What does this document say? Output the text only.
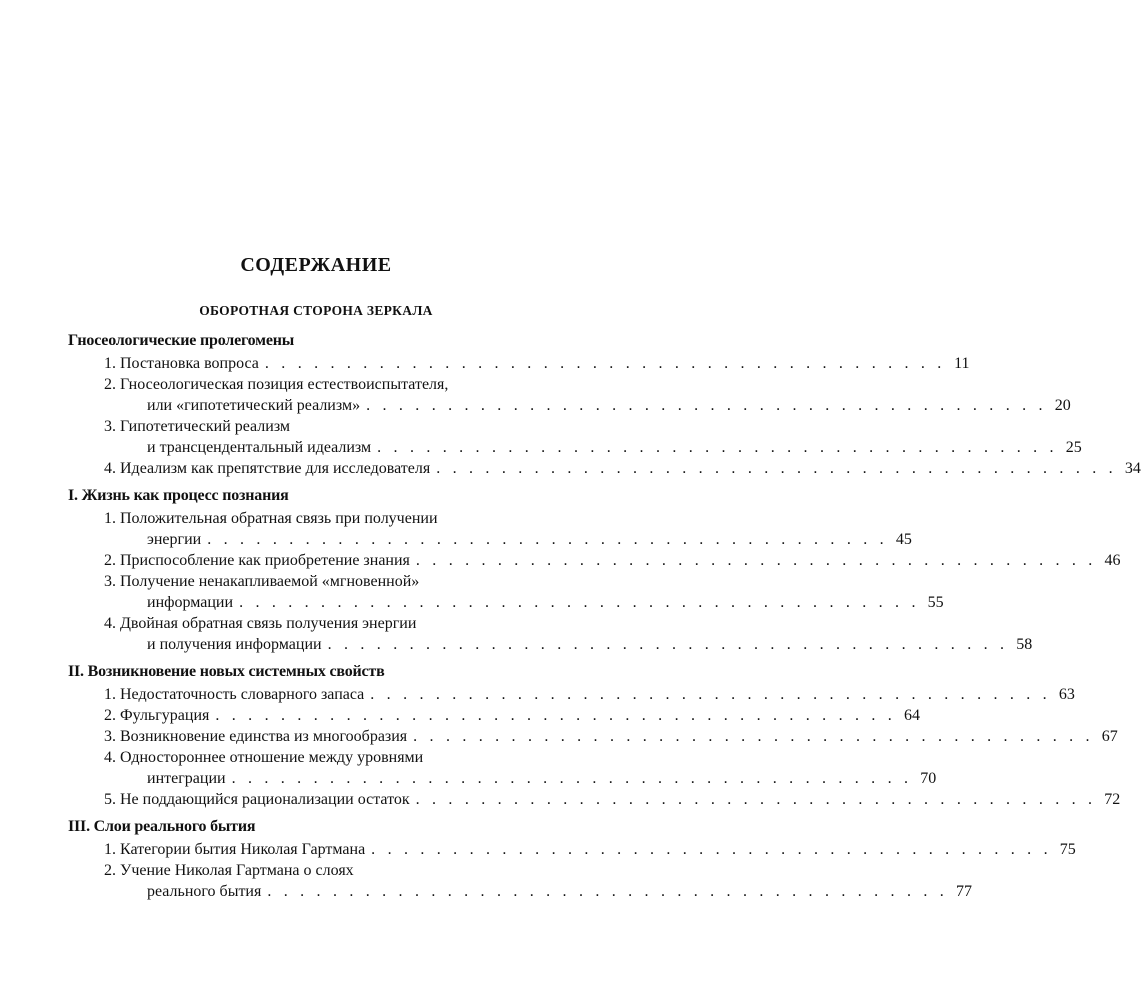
СОДЕРЖАНИЕ
ОБОРОТНАЯ СТОРОНА ЗЕРКАЛА
Гносеологические пролегомены
1. Постановка вопроса . . . . . . . . . . . . . . . . . . . . . . . . . . . . . . . . . . . . . . . . . . 11
2. Гносеологическая позиция естествоиспытателя,
или «гипотетический реализм» . . . . . . . . . . . . . . . . . . . . . . . . . . . . . . . . . . . . . . . . . . 20
3. Гипотетический реализм
и трансцендентальный идеализм . . . . . . . . . . . . . . . . . . . . . . . . . . . . . . . . . . . . . . . . . . 25
4. Идеализм как препятствие для исследователя . . . . . . . . . . . . . . . . . . . . . . . . . . . . . . . . . . . . . . . . . . 34
I. Жизнь как процесс познания
1. Положительная обратная связь при получении
энергии . . . . . . . . . . . . . . . . . . . . . . . . . . . . . . . . . . . . . . . . . . 45
2. Приспособление как приобретение знания . . . . . . . . . . . . . . . . . . . . . . . . . . . . . . . . . . . . . . . . . . 46
3. Получение ненакапливаемой «мгновенной»
информации . . . . . . . . . . . . . . . . . . . . . . . . . . . . . . . . . . . . . . . . . . 55
4. Двойная обратная связь получения энергии
и получения информации . . . . . . . . . . . . . . . . . . . . . . . . . . . . . . . . . . . . . . . . . . 58
II. Возникновение новых системных свойств
1. Недостаточность словарного запаса . . . . . . . . . . . . . . . . . . . . . . . . . . . . . . . . . . . . . . . . . . 63
2. Фульгурация . . . . . . . . . . . . . . . . . . . . . . . . . . . . . . . . . . . . . . . . . . 64
3. Возникновение единства из многообразия . . . . . . . . . . . . . . . . . . . . . . . . . . . . . . . . . . . . . . . . . . 67
4. Одностороннее отношение между уровнями
интеграции . . . . . . . . . . . . . . . . . . . . . . . . . . . . . . . . . . . . . . . . . . 70
5. Не поддающийся рационализации остаток . . . . . . . . . . . . . . . . . . . . . . . . . . . . . . . . . . . . . . . . . . 72
III. Слои реального бытия
1. Категории бытия Николая Гартмана . . . . . . . . . . . . . . . . . . . . . . . . . . . . . . . . . . . . . . . . . . 75
2. Учение Николая Гартмана о слоях
реального бытия . . . . . . . . . . . . . . . . . . . . . . . . . . . . . . . . . . . . . . . . . . 77
